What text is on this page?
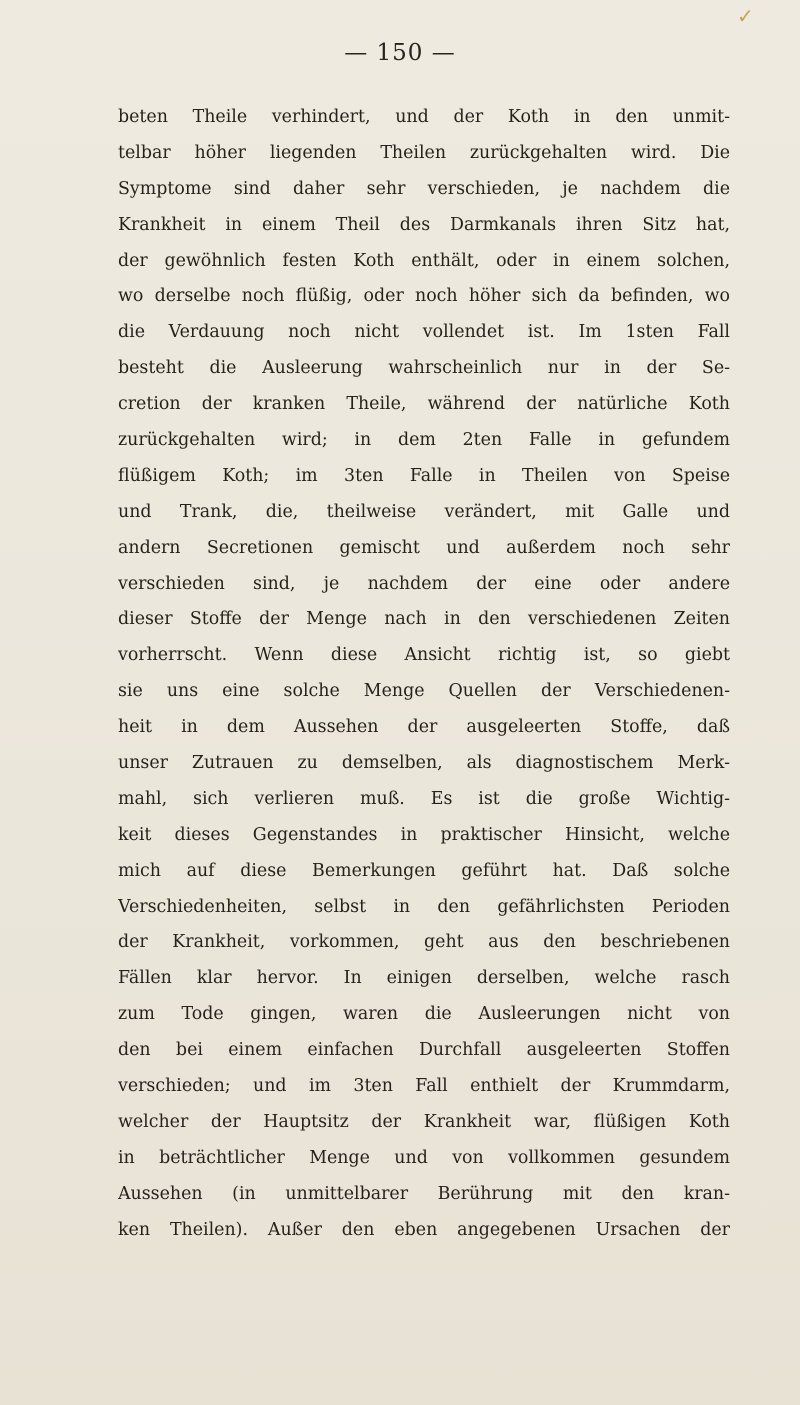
✓
— 150 —
beten Theile verhindert, und der Koth in den unmit-
telbar höher liegenden Theilen zurückgehalten wird. Die
Symptome sind daher sehr verschieden, je nachdem die
Krankheit in einem Theil des Darmkanals ihren Sitz hat,
der gewöhnlich festen Koth enthält, oder in einem solchen,
wo derselbe noch flüßig, oder noch höher sich da befinden, wo
die Verdauung noch nicht vollendet ist. Im 1sten Fall
besteht die Ausleerung wahrscheinlich nur in der Se-
cretion der kranken Theile, während der natürliche Koth
zurückgehalten wird; in dem 2ten Falle in gefundem
flüßigem Koth; im 3ten Falle in Theilen von Speise
und Trank, die, theilweise verändert, mit Galle und
andern Secretionen gemischt und außerdem noch sehr
verschieden sind, je nachdem der eine oder andere
dieser Stoffe der Menge nach in den verschiedenen Zeiten
vorherrscht. Wenn diese Ansicht richtig ist, so giebt
sie uns eine solche Menge Quellen der Verschiedenen-
heit in dem Aussehen der ausgeleerten Stoffe, daß
unser Zutrauen zu demselben, als diagnostischem Merk-
mahl, sich verlieren muß. Es ist die große Wichtig-
keit dieses Gegenstandes in praktischer Hinsicht, welche
mich auf diese Bemerkungen geführt hat. Daß solche
Verschiedenheiten, selbst in den gefährlichsten Perioden
der Krankheit, vorkommen, geht aus den beschriebenen
Fällen klar hervor. In einigen derselben, welche rasch
zum Tode gingen, waren die Ausleerungen nicht von
den bei einem einfachen Durchfall ausgeleerten Stoffen
verschieden; und im 3ten Fall enthielt der Krummdarm,
welcher der Hauptsitz der Krankheit war, flüßigen Koth
in beträchtlicher Menge und von vollkommen gesundem
Aussehen (in unmittelbarer Berührung mit den kran-
ken Theilen). Außer den eben angegebenen Ursachen der
